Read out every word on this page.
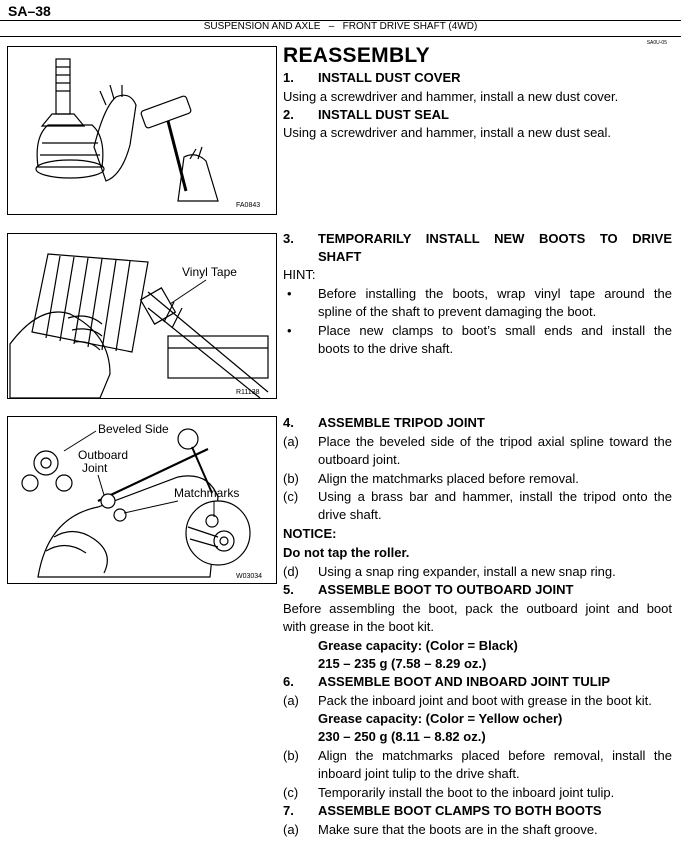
SA–38
SUSPENSION AND AXLE   –   FRONT DRIVE SHAFT (4WD)
SA0U-05
REASSEMBLY
FA0843
Vinyl Tape
R11138
Beveled Side
Outboard
Joint
Matchmarks
W03034
1. INSTALL DUST COVER
Using a screwdriver and hammer, install a new dust cover.
2. INSTALL DUST SEAL
Using a screwdriver and hammer, install a new dust seal.
3. TEMPORARILY INSTALL NEW BOOTS TO DRIVE
SHAFT
HINT:
• Before installing the boots, wrap vinyl tape around the
spline of the shaft to prevent damaging the boot.
• Place new clamps to boot’s small ends and install the
boots to the drive shaft.
4. ASSEMBLE TRIPOD JOINT
(a) Place the beveled side of the tripod axial spline toward the
outboard joint.
(b) Align the matchmarks placed before removal.
(c) Using a brass bar and hammer, install the tripod onto the
drive shaft.
NOTICE:
Do not tap the roller.
(d) Using a snap ring expander, install a new snap ring.
5. ASSEMBLE BOOT TO OUTBOARD JOINT
Before assembling the boot, pack the outboard joint and boot
with grease in the boot kit.
Grease capacity: (Color = Black)
215 – 235 g (7.58 – 8.29 oz.)
6. ASSEMBLE BOOT AND INBOARD JOINT TULIP
(a) Pack the inboard joint and boot with grease in the boot kit.
Grease capacity: (Color = Yellow ocher)
230 – 250 g (8.11 – 8.82 oz.)
(b) Align the matchmarks placed before removal, install the
inboard joint tulip to the drive shaft.
(c) Temporarily install the boot to the inboard joint tulip.
7. ASSEMBLE BOOT CLAMPS TO BOTH BOOTS
(a) Make sure that the boots are in the shaft groove.
